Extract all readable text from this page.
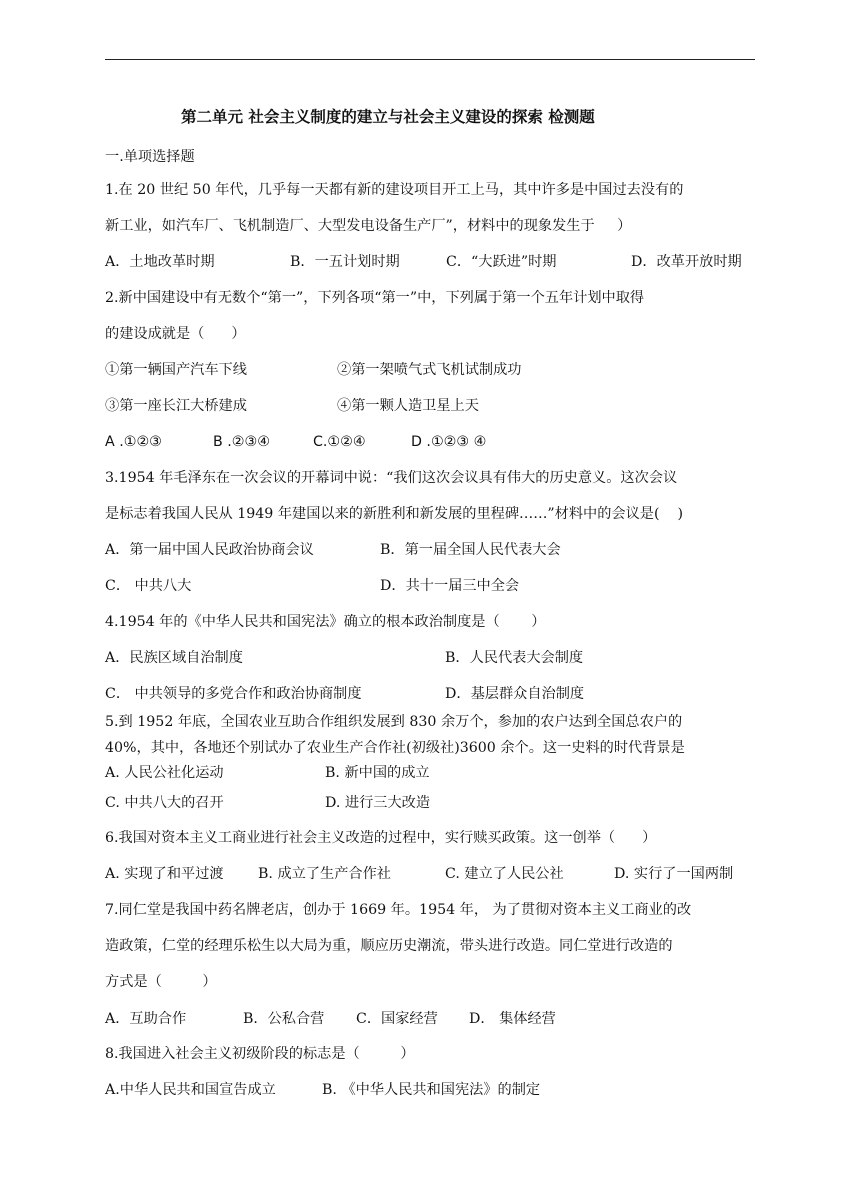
第二单元 社会主义制度的建立与社会主义建设的探索 检测题
一.单项选择题
1.在 20 世纪 50 年代，几乎每一天都有新的建设项目开工上马，其中许多是中国过去没有的
新工业，如汽车厂、飞机制造厂、大型发电设备生产厂”，材料中的现象发生于     ）
A．土地改革时期	B．一五计划时期	C．“大跃进”时期	D．改革开放时期
2.新中国建设中有无数个“第一”，下列各项“第一”中，下列属于第一个五年计划中取得
的建设成就是（      ）
①第一辆国产汽车下线	②第一架喷气式飞机试制成功
③第一座长江大桥建成	④第一颗人造卫星上天
A .①②③	B .②③④	C.①②④	D .①②③ ④
3.1954 年毛泽东在一次会议的开幕词中说：“我们这次会议具有伟大的历史意义。这次会议
是标志着我国人民从 1949 年建国以来的新胜利和新发展的里程碑……”材料中的会议是(    )
A．第一届中国人民政治协商会议	B．第一届全国人民代表大会
C． 中共八大	D．共十一届三中全会
4.1954 年的《中华人民共和国宪法》确立的根本政治制度是（       ）
A．民族区域自治制度	B．人民代表大会制度
C． 中共领导的多党合作和政治协商制度	D．基层群众自治制度
5.到 1952 年底，全国农业互助合作组织发展到 830 余万个，参加的农户达到全国总农户的
40%，其中，各地还个别试办了农业生产合作社(初级社)3600 余个。这一史料的时代背景是
A. 人民公社化运动	B. 新中国的成立
C. 中共八大的召开	D. 进行三大改造
6.我国对资本主义工商业进行社会主义改造的过程中，实行赎买政策。这一创举（      ）
A. 实现了和平过渡 B. 成立了生产合作社	C. 建立了人民公社	D. 实行了一国两制
7.同仁堂是我国中药名牌老店，创办于 1669 年。1954 年， 为了贯彻对资本主义工商业的改
造政策，仁堂的经理乐松生以大局为重，顺应历史潮流，带头进行改造。同仁堂进行改造的
方式是（         ）
A．互助合作	B．公私合营 C．国家经营 D． 集体经营
8.我国进入社会主义初级阶段的标志是（         ）
A.中华人民共和国宣告成立	B. 《中华人民共和国宪法》的制定
